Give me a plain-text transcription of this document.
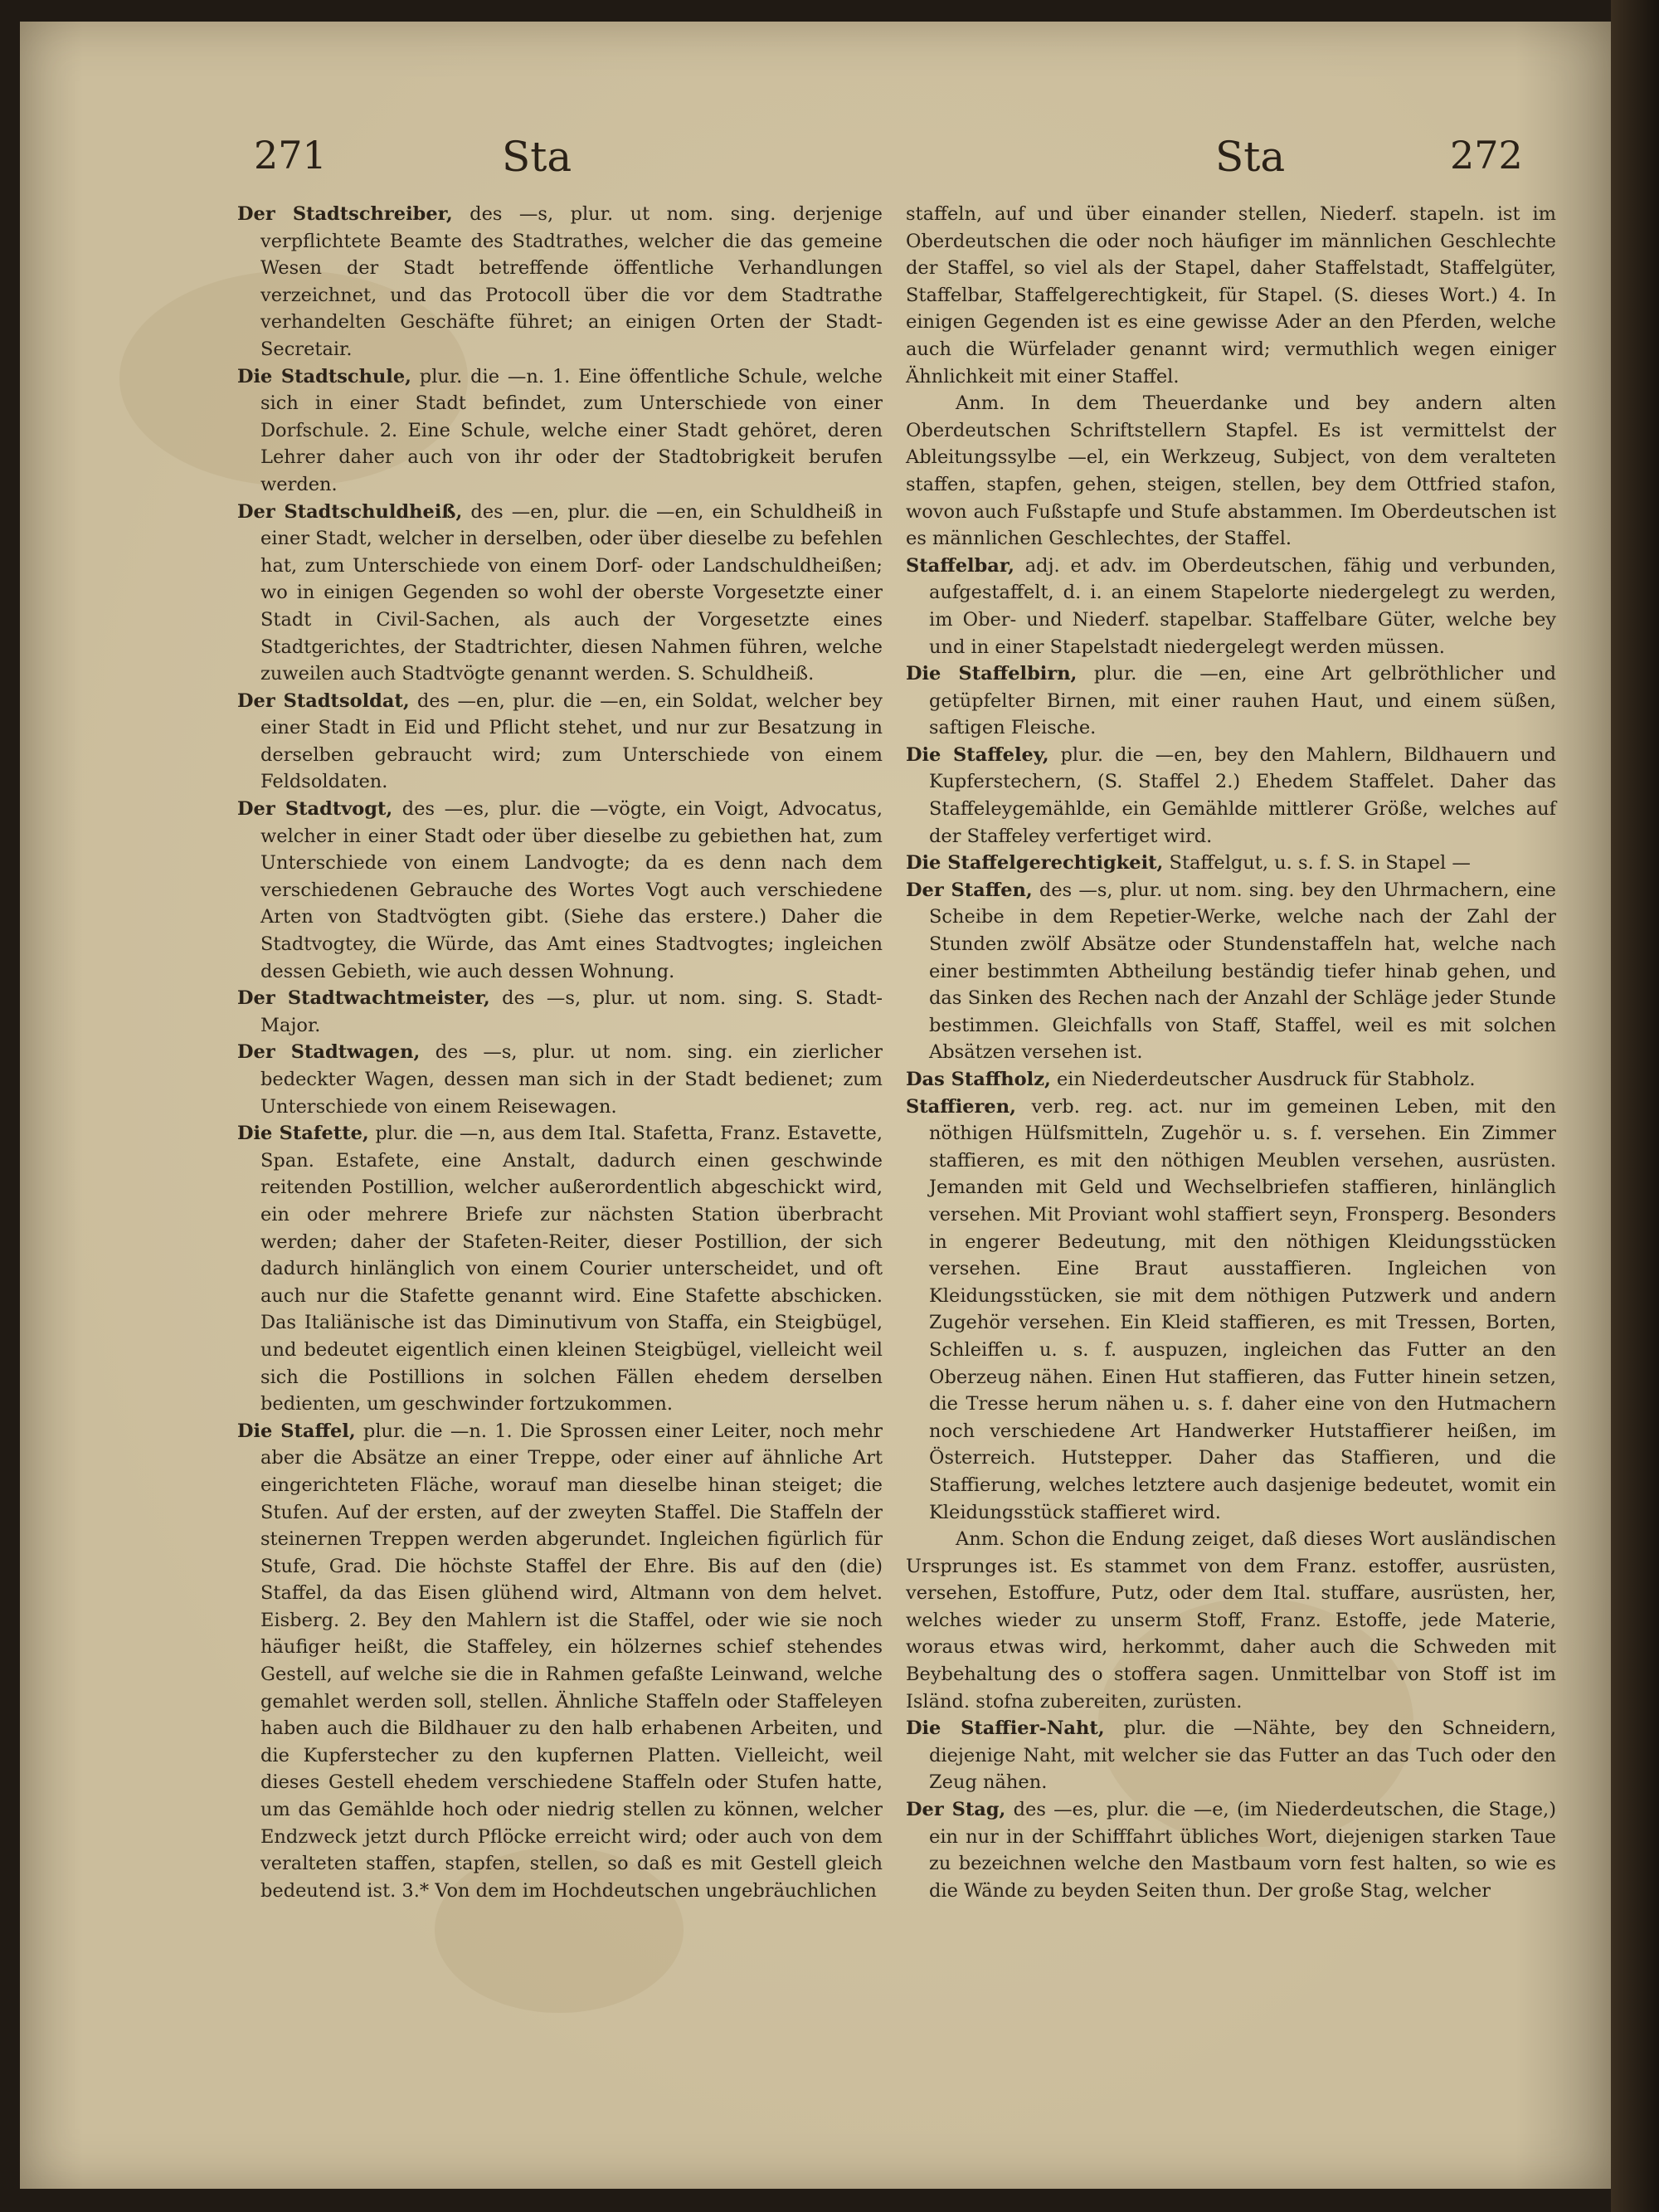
271	Sta	Sta	272

Der Stadtschreiber, des —s, plur. ut nom. sing. derjenige verpflichtete Beamte des Stadtrathes, welcher die das gemeine Wesen der Stadt betreffende öffentliche Verhandlungen verzeichnet, und das Protocoll über die vor dem Stadtrathe verhandelten Geschäfte führet; an einigen Orten der Stadt-Secretair.

Die Stadtschule, plur. die —n. 1. Eine öffentliche Schule, welche sich in einer Stadt befindet, zum Unterschiede von einer Dorfschule. 2. Eine Schule, welche einer Stadt gehöret, deren Lehrer daher auch von ihr oder der Stadtobrigkeit berufen werden.

Der Stadtschuldheiß, des —en, plur. die —en, ein Schuldheiß in einer Stadt, welcher in derselben, oder über dieselbe zu befehlen hat, zum Unterschiede von einem Dorf- oder Landschuldheißen; wo in einigen Gegenden so wohl der oberste Vorgesetzte einer Stadt in Civil-Sachen, als auch der Vorgesetzte eines Stadtgerichtes, der Stadtrichter, diesen Nahmen führen, welche zuweilen auch Stadtvögte genannt werden. S. Schuldheiß.

Der Stadtsoldat, des —en, plur. die —en, ein Soldat, welcher bey einer Stadt in Eid und Pflicht stehet, und nur zur Besatzung in derselben gebraucht wird; zum Unterschiede von einem Feldsoldaten.

Der Stadtvogt, des —es, plur. die —vögte, ein Voigt, Advocatus, welcher in einer Stadt oder über dieselbe zu gebiethen hat, zum Unterschiede von einem Landvogte; da es denn nach dem verschiedenen Gebrauche des Wortes Vogt auch verschiedene Arten von Stadtvögten gibt. (Siehe das erstere.) Daher die Stadtvogtey, die Würde, das Amt eines Stadtvogtes; ingleichen dessen Gebieth, wie auch dessen Wohnung.

Der Stadtwachtmeister, des —s, plur. ut nom. sing. S. Stadt-Major.

Der Stadtwagen, des —s, plur. ut nom. sing. ein zierlicher bedeckter Wagen, dessen man sich in der Stadt bedienet; zum Unterschiede von einem Reisewagen.

Die Stafette, plur. die —n, aus dem Ital. Stafetta, Franz. Estavette, Span. Estafete, eine Anstalt, dadurch einen geschwinde reitenden Postillion, welcher außerordentlich abgeschickt wird, ein oder mehrere Briefe zur nächsten Station überbracht werden; daher der Stafeten-Reiter, dieser Postillion, der sich dadurch hinlänglich von einem Courier unterscheidet, und oft auch nur die Stafette genannt wird. Eine Stafette abschicken. Das Italiänische ist das Diminutivum von Staffa, ein Steigbügel, und bedeutet eigentlich einen kleinen Steigbügel, vielleicht weil sich die Postillions in solchen Fällen ehedem derselben bedienten, um geschwinder fortzukommen.

Die Staffel, plur. die —n. 1. Die Sprossen einer Leiter, noch mehr aber die Absätze an einer Treppe, oder einer auf ähnliche Art eingerichteten Fläche, worauf man dieselbe hinan steiget; die Stufen. Auf der ersten, auf der zweyten Staffel. Die Staffeln der steinernen Treppen werden abgerundet. Ingleichen figürlich für Stufe, Grad. Die höchste Staffel der Ehre. Bis auf den (die) Staffel, da das Eisen glühend wird, Altmann von dem helvet. Eisberg. 2. Bey den Mahlern ist die Staffel, oder wie sie noch häufiger heißt, die Staffeley, ein hölzernes schief stehendes Gestell, auf welche sie die in Rahmen gefaßte Leinwand, welche gemahlet werden soll, stellen. Ähnliche Staffeln oder Staffeleyen haben auch die Bildhauer zu den halb erhabenen Arbeiten, und die Kupferstecher zu den kupfernen Platten. Vielleicht, weil dieses Gestell ehedem verschiedene Staffeln oder Stufen hatte, um das Gemählde hoch oder niedrig stellen zu können, welcher Endzweck jetzt durch Pflöcke erreicht wird; oder auch von dem veralteten staffen, stapfen, stellen, so daß es mit Gestell gleich bedeutend ist. 3.* Von dem im Hochdeutschen ungebräuchlichen

staffeln, auf und über einander stellen, Niederf. stapeln. ist im Oberdeutschen die oder noch häufiger im männlichen Geschlechte der Staffel, so viel als der Stapel, daher Staffelstadt, Staffelgüter, Staffelbar, Staffelgerechtigkeit, für Stapel. (S. dieses Wort.) 4. In einigen Gegenden ist es eine gewisse Ader an den Pferden, welche auch die Würfelader genannt wird; vermuthlich wegen einiger Ähnlichkeit mit einer Staffel.

Anm. In dem Theuerdanke und bey andern alten Oberdeutschen Schriftstellern Stapfel. Es ist vermittelst der Ableitungssylbe —el, ein Werkzeug, Subject, von dem veralteten staffen, stapfen, gehen, steigen, stellen, bey dem Ottfried stafon, wovon auch Fußstapfe und Stufe abstammen. Im Oberdeutschen ist es männlichen Geschlechtes, der Staffel.

Staffelbar, adj. et adv. im Oberdeutschen, fähig und verbunden, aufgestaffelt, d. i. an einem Stapelorte niedergelegt zu werden, im Ober- und Niederf. stapelbar. Staffelbare Güter, welche bey und in einer Stapelstadt niedergelegt werden müssen.

Die Staffelbirn, plur. die —en, eine Art gelbröthlicher und getüpfelter Birnen, mit einer rauhen Haut, und einem süßen, saftigen Fleische.

Die Staffeley, plur. die —en, bey den Mahlern, Bildhauern und Kupferstechern, (S. Staffel 2.) Ehedem Staffelet. Daher das Staffeleygemählde, ein Gemählde mittlerer Größe, welches auf der Staffeley verfertiget wird.

Die Staffelgerechtigkeit, Staffelgut, u. s. f. S. in Stapel —

Der Staffen, des —s, plur. ut nom. sing. bey den Uhrmachern, eine Scheibe in dem Repetier-Werke, welche nach der Zahl der Stunden zwölf Absätze oder Stundenstaffeln hat, welche nach einer bestimmten Abtheilung beständig tiefer hinab gehen, und das Sinken des Rechen nach der Anzahl der Schläge jeder Stunde bestimmen. Gleichfalls von Staff, Staffel, weil es mit solchen Absätzen versehen ist.

Das Staffholz, ein Niederdeutscher Ausdruck für Stabholz.

Staffieren, verb. reg. act. nur im gemeinen Leben, mit den nöthigen Hülfsmitteln, Zugehör u. s. f. versehen. Ein Zimmer staffieren, es mit den nöthigen Meublen versehen, ausrüsten. Jemanden mit Geld und Wechselbriefen staffieren, hinlänglich versehen. Mit Proviant wohl staffiert seyn, Fronsperg. Besonders in engerer Bedeutung, mit den nöthigen Kleidungsstücken versehen. Eine Braut ausstaffieren. Ingleichen von Kleidungsstücken, sie mit dem nöthigen Putzwerk und andern Zugehör versehen. Ein Kleid staffieren, es mit Tressen, Borten, Schleiffen u. s. f. auspuzen, ingleichen das Futter an den Oberzeug nähen. Einen Hut staffieren, das Futter hinein setzen, die Tresse herum nähen u. s. f. daher eine von den Hutmachern noch verschiedene Art Handwerker Hutstaffierer heißen, im Österreich. Hutstepper. Daher das Staffieren, und die Staffierung, welches letztere auch dasjenige bedeutet, womit ein Kleidungsstück staffieret wird.

Anm. Schon die Endung zeiget, daß dieses Wort ausländischen Ursprunges ist. Es stammet von dem Franz. estoffer, ausrüsten, versehen, Estoffure, Putz, oder dem Ital. stuffare, ausrüsten, her, welches wieder zu unserm Stoff, Franz. Estoffe, jede Materie, woraus etwas wird, herkommt, daher auch die Schweden mit Beybehaltung des o stoffera sagen. Unmittelbar von Stoff ist im Isländ. stofna zubereiten, zurüsten.

Die Staffier-Naht, plur. die —Nähte, bey den Schneidern, diejenige Naht, mit welcher sie das Futter an das Tuch oder den Zeug nähen.

Der Stag, des —es, plur. die —e, (im Niederdeutschen, die Stage,) ein nur in der Schifffahrt übliches Wort, diejenigen starken Taue zu bezeichnen welche den Mastbaum vorn fest halten, so wie es die Wände zu beyden Seiten thun. Der große Stag, welcher
